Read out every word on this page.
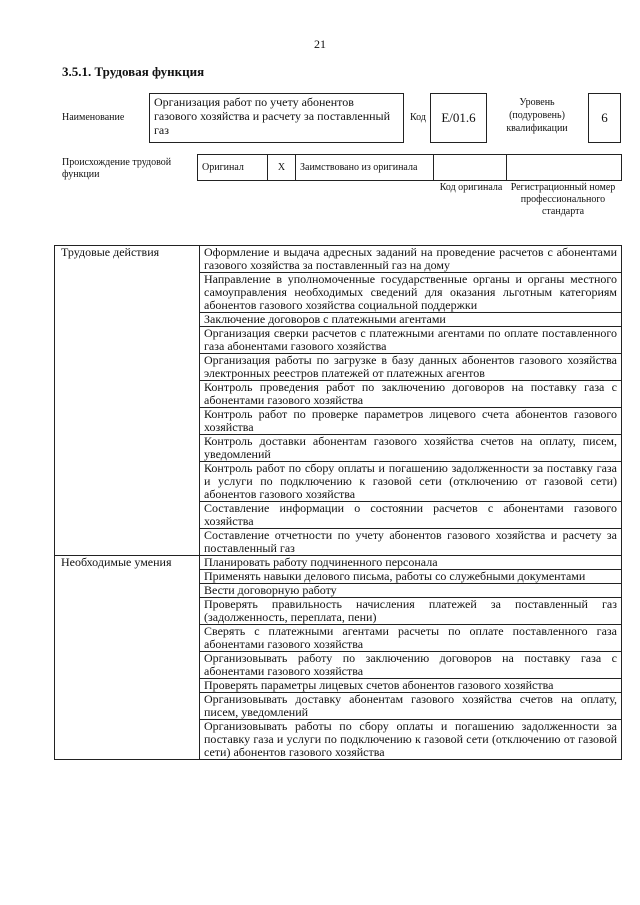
21
3.5.1. Трудовая функция
Наименование
Организация работ по учету абонентов газового хозяйства и расчету за поставленный газ
Код	E/01.6
Уровень (подуровень) квалификации
6
Происхождение трудовой функции
Оригинал	X	Заимствовано из оригинала		
Код оригинала Регистрационный номер профессионального стандарта
Трудовые действия	Оформление и выдача адресных заданий на проведение расчетов с абонентами газового хозяйства за поставленный газ на дому
	Направление в уполномоченные государственные органы и органы местного самоуправления необходимых сведений для оказания льготным категориям абонентов газового хозяйства социальной поддержки
	Заключение договоров с платежными агентами
	Организация сверки расчетов с платежными агентами по оплате поставленного газа абонентами газового хозяйства
	Организация работы по загрузке в базу данных абонентов газового хозяйства электронных реестров платежей от платежных агентов
	Контроль проведения работ по заключению договоров на поставку газа с абонентами газового хозяйства
	Контроль работ по проверке параметров лицевого счета абонентов газового хозяйства
	Контроль доставки абонентам газового хозяйства счетов на оплату, писем, уведомлений
	Контроль работ по сбору оплаты и погашению задолженности за поставку газа и услуги по подключению к газовой сети (отключению от газовой сети) абонентов газового хозяйства
	Составление информации о состоянии расчетов с абонентами газового хозяйства
	Составление отчетности по учету абонентов газового хозяйства и расчету за поставленный газ
Необходимые умения	Планировать работу подчиненного персонала
	Применять навыки делового письма, работы со служебными документами
	Вести договорную работу
	Проверять правильность начисления платежей за поставленный газ (задолженность, переплата, пени)
	Сверять с платежными агентами расчеты по оплате поставленного газа абонентами газового хозяйства
	Организовывать работу по заключению договоров на поставку газа с абонентами газового хозяйства
	Проверять параметры лицевых счетов абонентов газового хозяйства
	Организовывать доставку абонентам газового хозяйства счетов на оплату, писем, уведомлений
	Организовывать работы по сбору оплаты и погашению задолженности за поставку газа и услуги по подключению к газовой сети (отключению от газовой сети) абонентов газового хозяйства
